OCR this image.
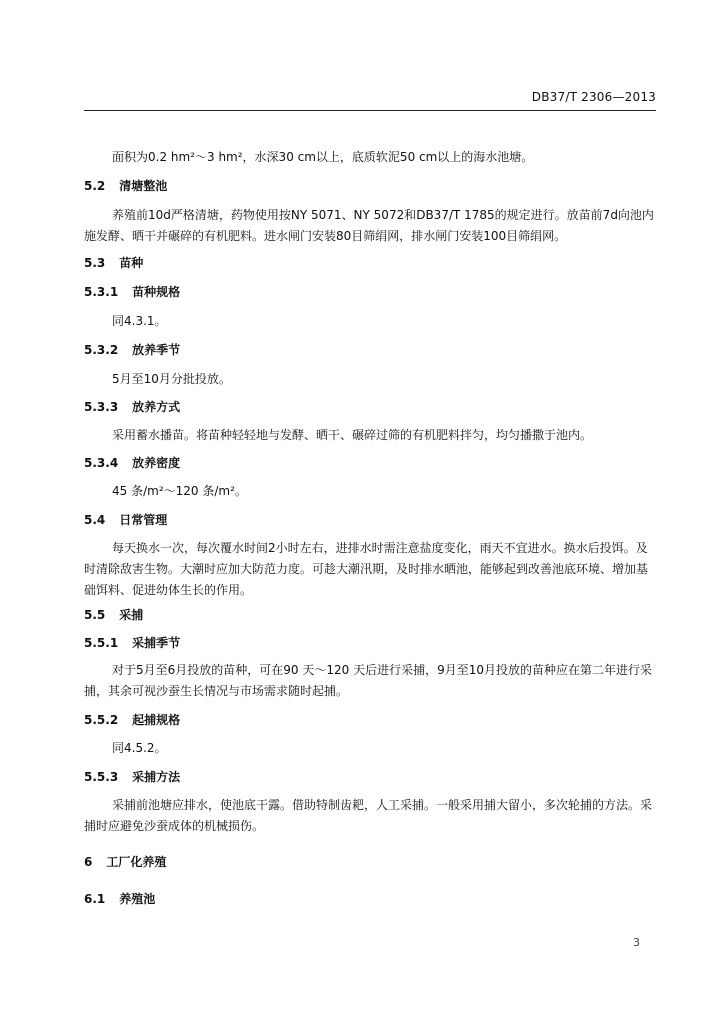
DB37/T 2306—2013
面积为0.2 hm²～3 hm²，水深30 cm以上，底质软泥50 cm以上的海水池塘。
5.2 清塘整池
养殖前10d严格清塘，药物使用按NY 5071、NY 5072和DB37/T 1785的规定进行。放苗前7d向池内施发酵、晒干并碾碎的有机肥料。进水闸门安装80目筛绢网，排水闸门安装100目筛绢网。
5.3 苗种
5.3.1 苗种规格
同4.3.1。
5.3.2 放养季节
5月至10月分批投放。
5.3.3 放养方式
采用蓄水播苗。将苗种轻轻地与发酵、晒干、碾碎过筛的有机肥料拌匀，均匀播撒于池内。
5.3.4 放养密度
45 条/m²～120 条/m²。
5.4 日常管理
每天换水一次，每次覆水时间2小时左右，进排水时需注意盐度变化，雨天不宜进水。换水后投饵。及时清除敌害生物。大潮时应加大防范力度。可趁大潮汛期，及时排水晒池，能够起到改善池底环境、增加基础饵料、促进幼体生长的作用。
5.5 采捕
5.5.1 采捕季节
对于5月至6月投放的苗种，可在90 天～120 天后进行采捕，9月至10月投放的苗种应在第二年进行采捕，其余可视沙蚕生长情况与市场需求随时起捕。
5.5.2 起捕规格
同4.5.2。
5.5.3 采捕方法
采捕前池塘应排水，使池底干露。借助特制齿耙，人工采捕。一般采用捕大留小，多次轮捕的方法。采捕时应避免沙蚕成体的机械损伤。
6 工厂化养殖
6.1 养殖池
3
